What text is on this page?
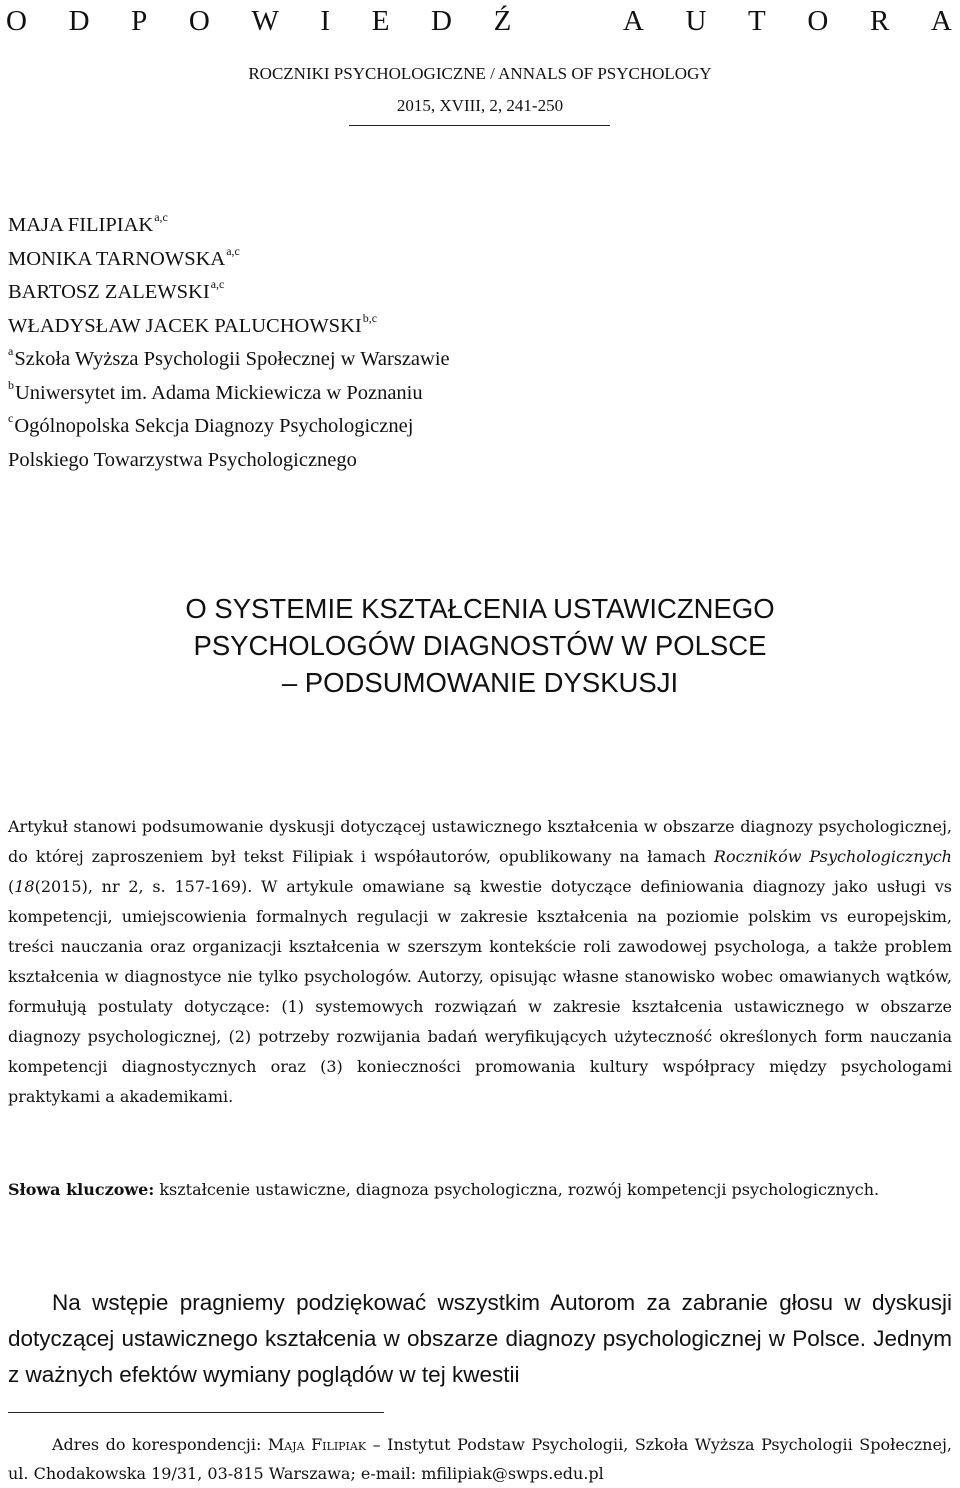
O D P O W I E D Ź	A U T O R A
ROCZNIKI PSYCHOLOGICZNE / ANNALS OF PSYCHOLOGY
2015, XVIII, 2, 241-250
MAJA FILIPIAK$^{a,c}$
MONIKA TARNOWSKA$^{a,c}$
BARTOSZ ZALEWSKI$^{a,c}$
WŁADYSŁAW JACEK PALUCHOWSKI$^{b,c}$
$^a$Szkoła Wyższa Psychologii Społecznej w Warszawie
$^b$Uniwersytet im. Adama Mickiewicza w Poznaniu
$^c$Ogólnopolska Sekcja Diagnozy Psychologicznej
Polskiego Towarzystwa Psychologicznego
O SYSTEMIE KSZTAŁCENIA USTAWICZNEGO
PSYCHOLOGÓW DIAGNOSTÓW W POLSCE
– PODSUMOWANIE DYSKUSJI
Artykuł stanowi podsumowanie dyskusji dotyczącej ustawicznego kształcenia w obszarze diagnozy psychologicznej, do której zaproszeniem był tekst Filipiak i współautorów, opublikowany na łamach Roczników Psychologicznych (18(2015), nr 2, s. 157-169). W artykule omawiane są kwestie dotyczące definiowania diagnozy jako usługi vs kompetencji, umiejscowienia formalnych regulacji w zakresie kształcenia na poziomie polskim vs europejskim, treści nauczania oraz organizacji kształcenia w szerszym kontekście roli zawodowej psychologa, a także problem kształcenia w diagnostyce nie tylko psychologów. Autorzy, opisując własne stanowisko wobec omawianych wątków, formułują postulaty dotyczące: (1) systemowych rozwiązań w zakresie kształcenia ustawicznego w obszarze diagnozy psychologicznej, (2) potrzeby rozwijania badań weryfikujących użyteczność określonych form nauczania kompetencji diagnostycznych oraz (3) konieczności promowania kultury współpracy między psychologami praktykami a akademikami.
Słowa kluczowe: kształcenie ustawiczne, diagnoza psychologiczna, rozwój kompetencji psychologicznych.
Na wstępie pragniemy podziękować wszystkim Autorom za zabranie głosu w dyskusji dotyczącej ustawicznego kształcenia w obszarze diagnozy psychologicznej w Polsce. Jednym z ważnych efektów wymiany poglądów w tej kwestii
Adres do korespondencji: Maja Filipiak – Instytut Podstaw Psychologii, Szkoła Wyższa Psychologii Społecznej, ul. Chodakowska 19/31, 03-815 Warszawa; e-mail: mfilipiak@swps.edu.pl
